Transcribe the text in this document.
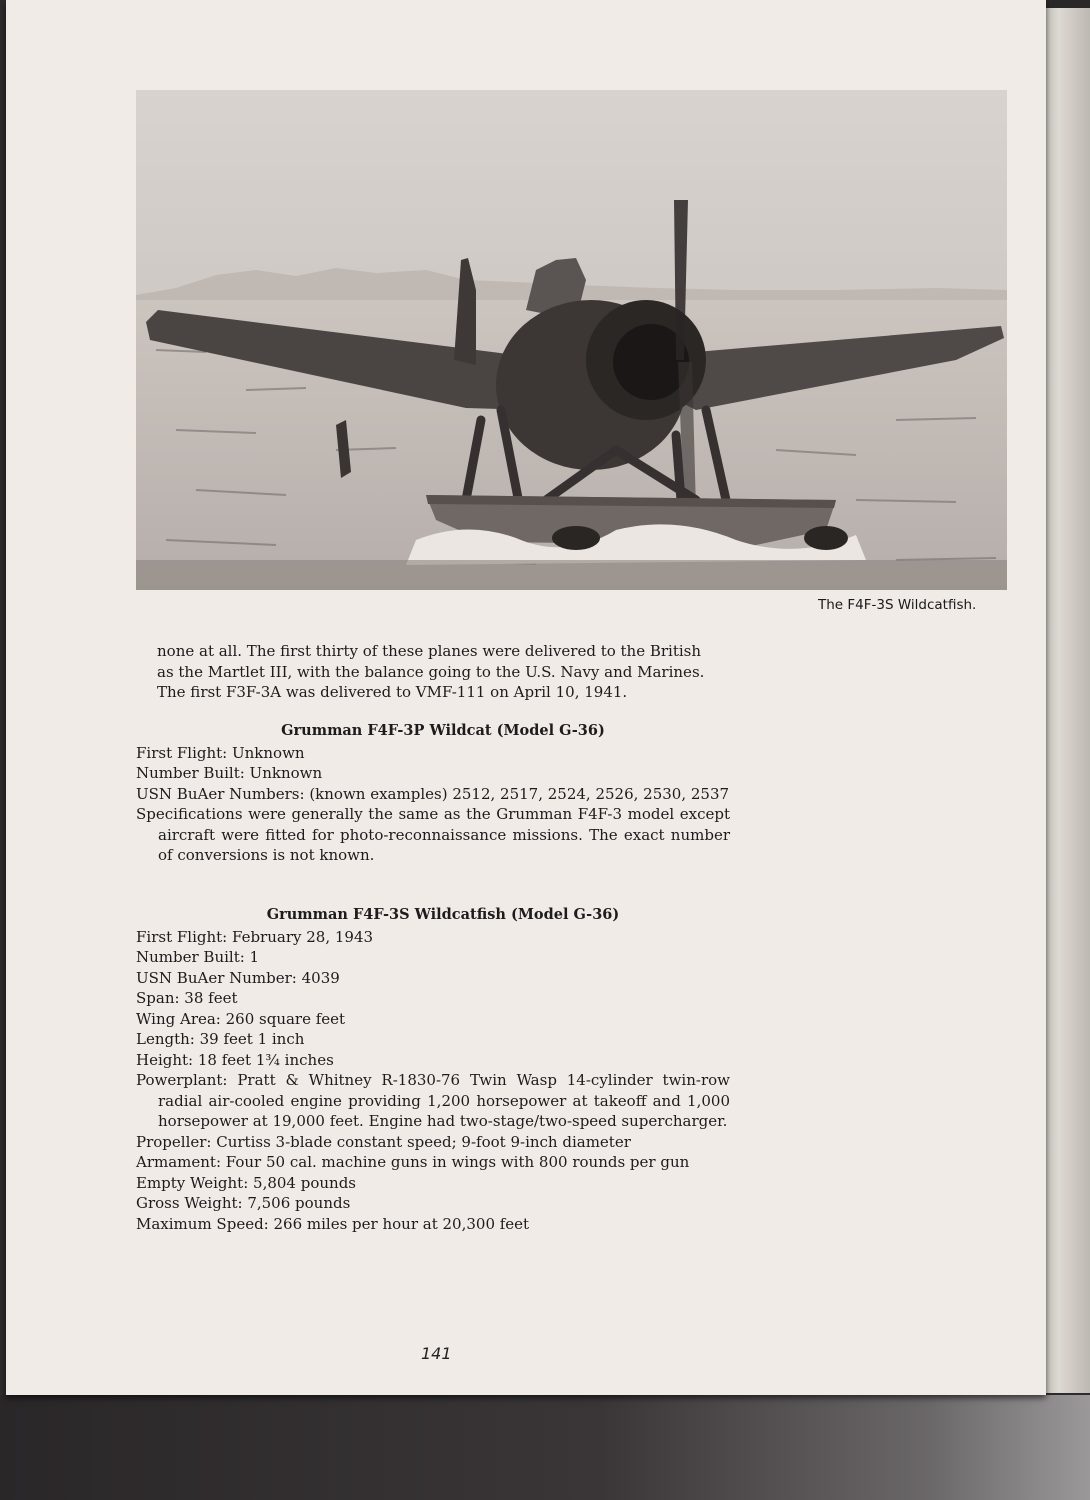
The F4F-3S Wildcatfish.

none at all. The first thirty of these planes were delivered to the British

as the Martlet III, with the balance going to the U.S. Navy and Marines.

The first F3F-3A was delivered to VMF-111 on April 10, 1941.

Grumman F4F-3P Wildcat (Model G-36)

First Flight: Unknown

Number Built: Unknown

USN BuAer Numbers: (known examples) 2512, 2517, 2524, 2526, 2530, 2537

Specifications were generally the same as the Grumman F4F-3 model except aircraft were fitted for photo-reconnaissance missions. The exact number of conversions is not known.

Grumman F4F-3S Wildcatfish (Model G-36)

First Flight: February 28, 1943

Number Built: 1

USN BuAer Number: 4039

Span: 38 feet

Wing Area: 260 square feet

Length: 39 feet 1 inch

Height: 18 feet 1¾ inches

Powerplant: Pratt & Whitney R-1830-76 Twin Wasp 14-cylinder twin-row radial air-cooled engine providing 1,200 horsepower at takeoff and 1,000 horsepower at 19,000 feet. Engine had two-stage/two-speed supercharger.

Propeller: Curtiss 3-blade constant speed; 9-foot 9-inch diameter

Armament: Four 50 cal. machine guns in wings with 800 rounds per gun

Empty Weight: 5,804 pounds

Gross Weight: 7,506 pounds

Maximum Speed: 266 miles per hour at 20,300 feet

141
